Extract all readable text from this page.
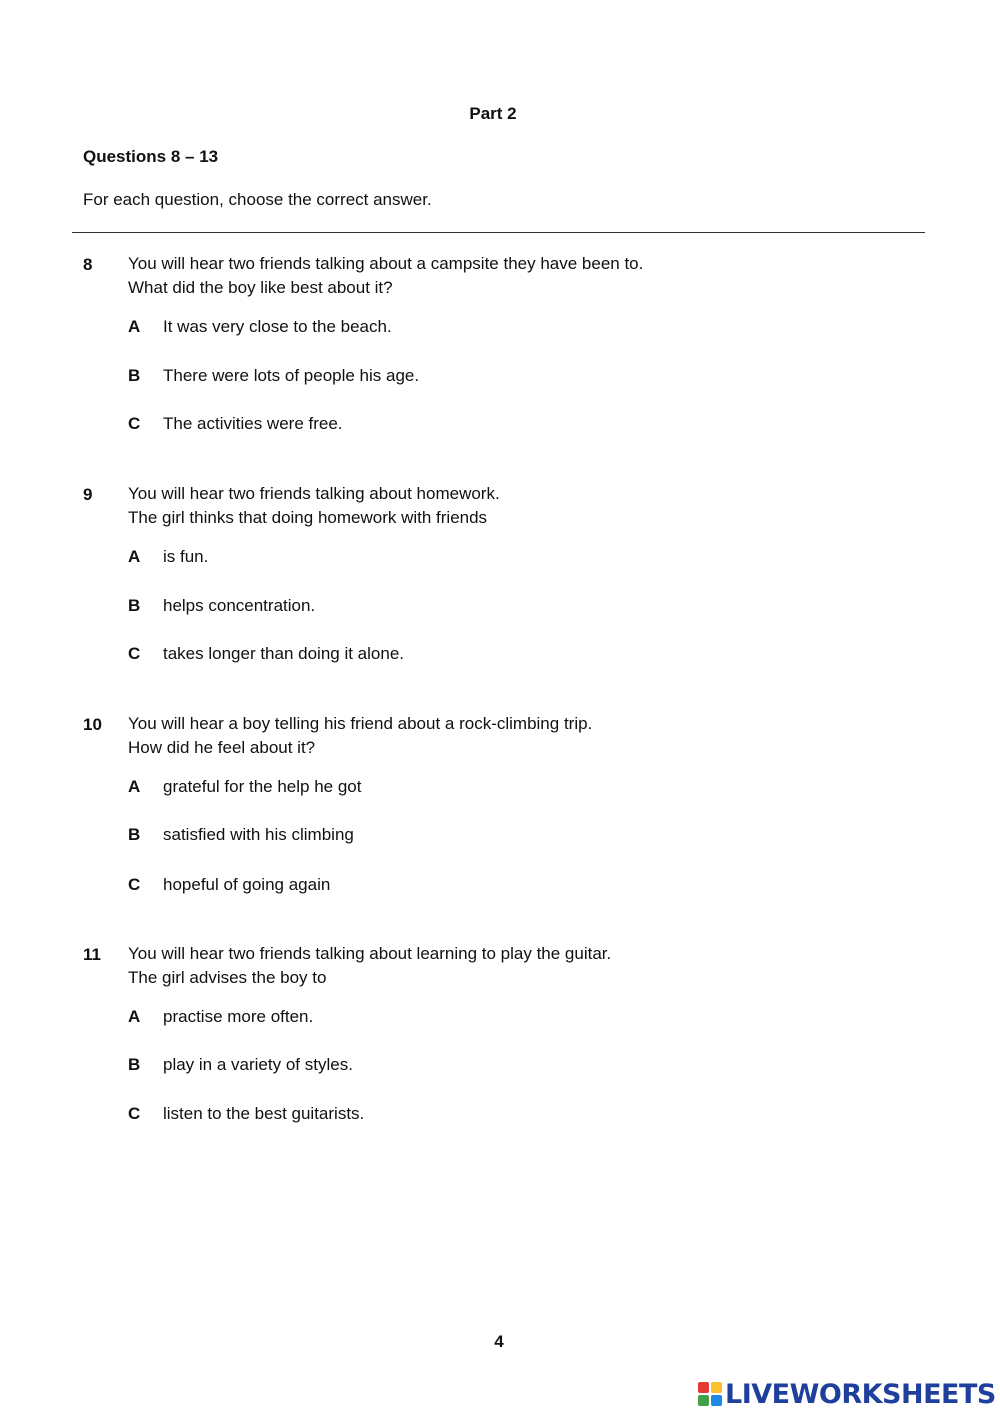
Part 2
Questions 8 – 13
For each question, choose the correct answer.
8 You will hear two friends talking about a campsite they have been to.
What did the boy like best about it?
A It was very close to the beach.
B There were lots of people his age.
C The activities were free.
9 You will hear two friends talking about homework.
The girl thinks that doing homework with friends
A is fun.
B helps concentration.
C takes longer than doing it alone.
10 You will hear a boy telling his friend about a rock-climbing trip.
How did he feel about it?
A grateful for the help he got
B satisfied with his climbing
C hopeful of going again
11 You will hear two friends talking about learning to play the guitar.
The girl advises the boy to
A practise more often.
B play in a variety of styles.
C listen to the best guitarists.
4
LIVEWORKSHEETS
